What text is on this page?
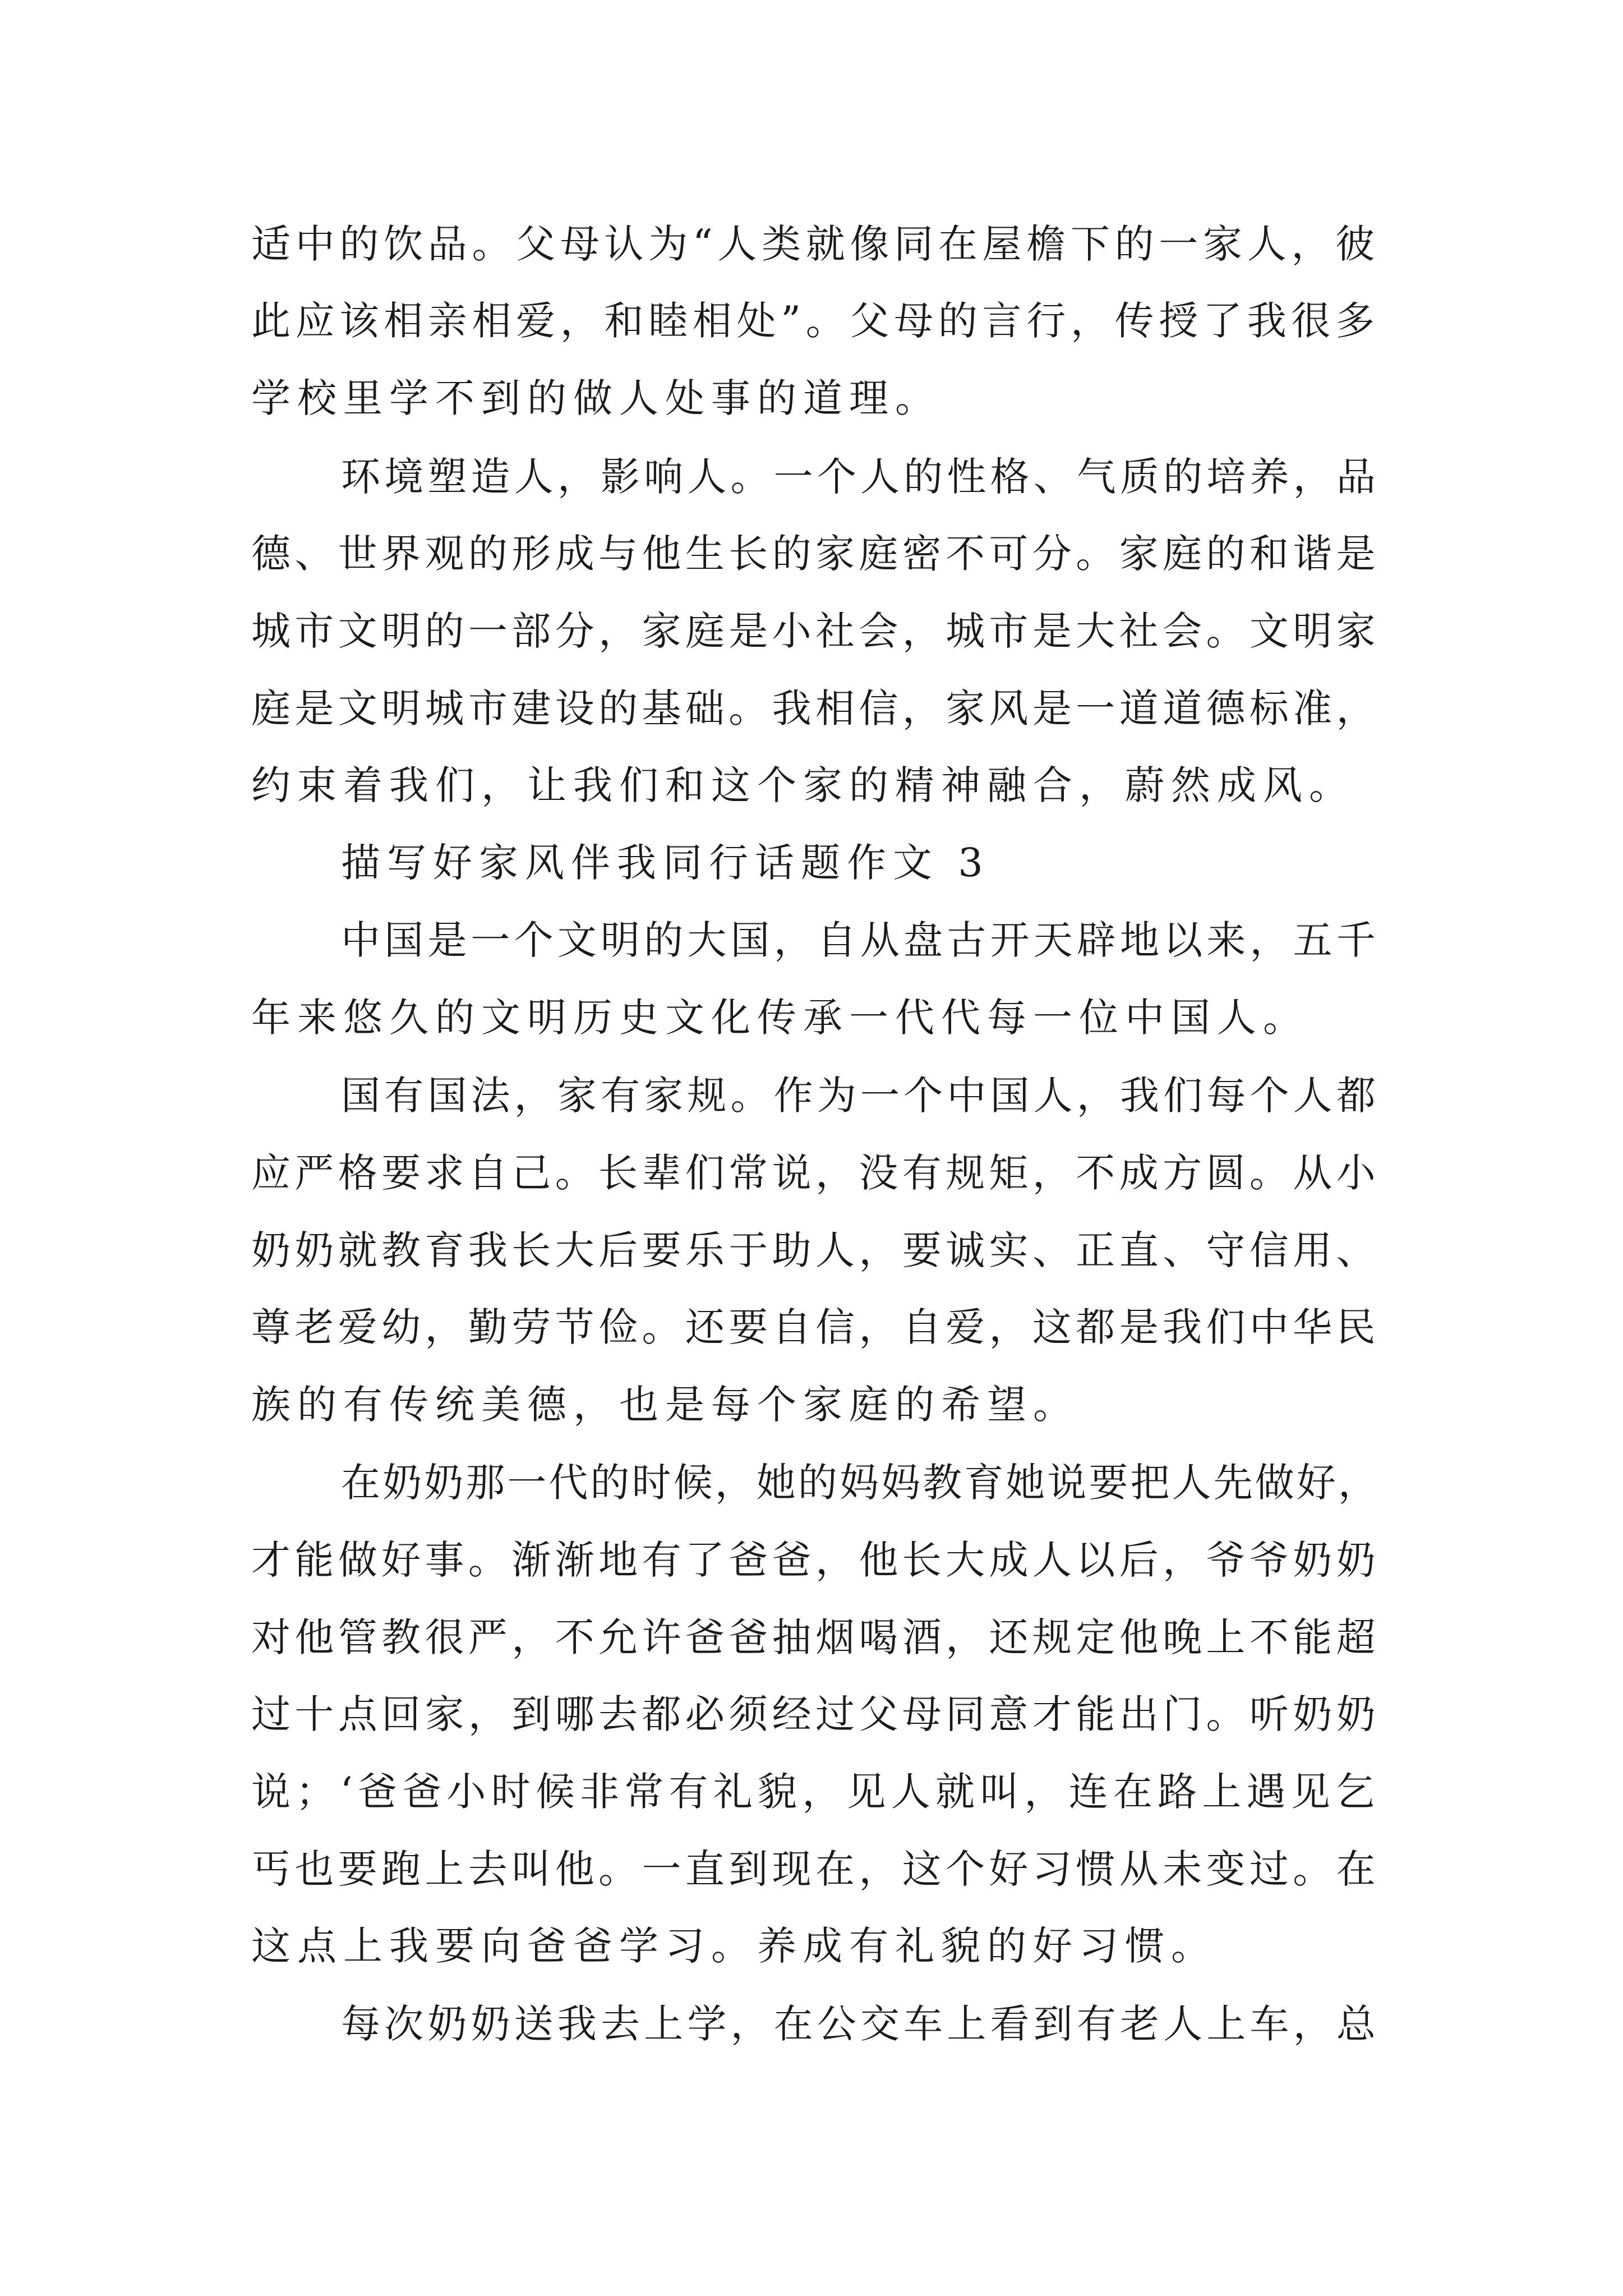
适中的饮品。父母认为“人类就像同在屋檐下的一家人，彼
此应该相亲相爱，和睦相处”。父母的言行，传授了我很多
学校里学不到的做人处事的道理。
环境塑造人，影响人。一个人的性格、气质的培养，品
德、世界观的形成与他生长的家庭密不可分。家庭的和谐是
城市文明的一部分，家庭是小社会，城市是大社会。文明家
庭是文明城市建设的基础。我相信，家风是一道道德标准，
约束着我们，让我们和这个家的精神融合，蔚然成风。
描写好家风伴我同行话题作文 3
中国是一个文明的大国，自从盘古开天辟地以来，五千
年来悠久的文明历史文化传承一代代每一位中国人。
国有国法，家有家规。作为一个中国人，我们每个人都
应严格要求自己。长辈们常说，没有规矩，不成方圆。从小
奶奶就教育我长大后要乐于助人，要诚实、正直、守信用、
尊老爱幼，勤劳节俭。还要自信，自爱，这都是我们中华民
族的有传统美德，也是每个家庭的希望。
在奶奶那一代的时候，她的妈妈教育她说要把人先做好，
才能做好事。渐渐地有了爸爸，他长大成人以后，爷爷奶奶
对他管教很严，不允许爸爸抽烟喝酒，还规定他晚上不能超
过十点回家，到哪去都必须经过父母同意才能出门。听奶奶
说；‘爸爸小时候非常有礼貌，见人就叫，连在路上遇见乞
丐也要跑上去叫他。一直到现在，这个好习惯从未变过。在
这点上我要向爸爸学习。养成有礼貌的好习惯。
每次奶奶送我去上学，在公交车上看到有老人上车，总
